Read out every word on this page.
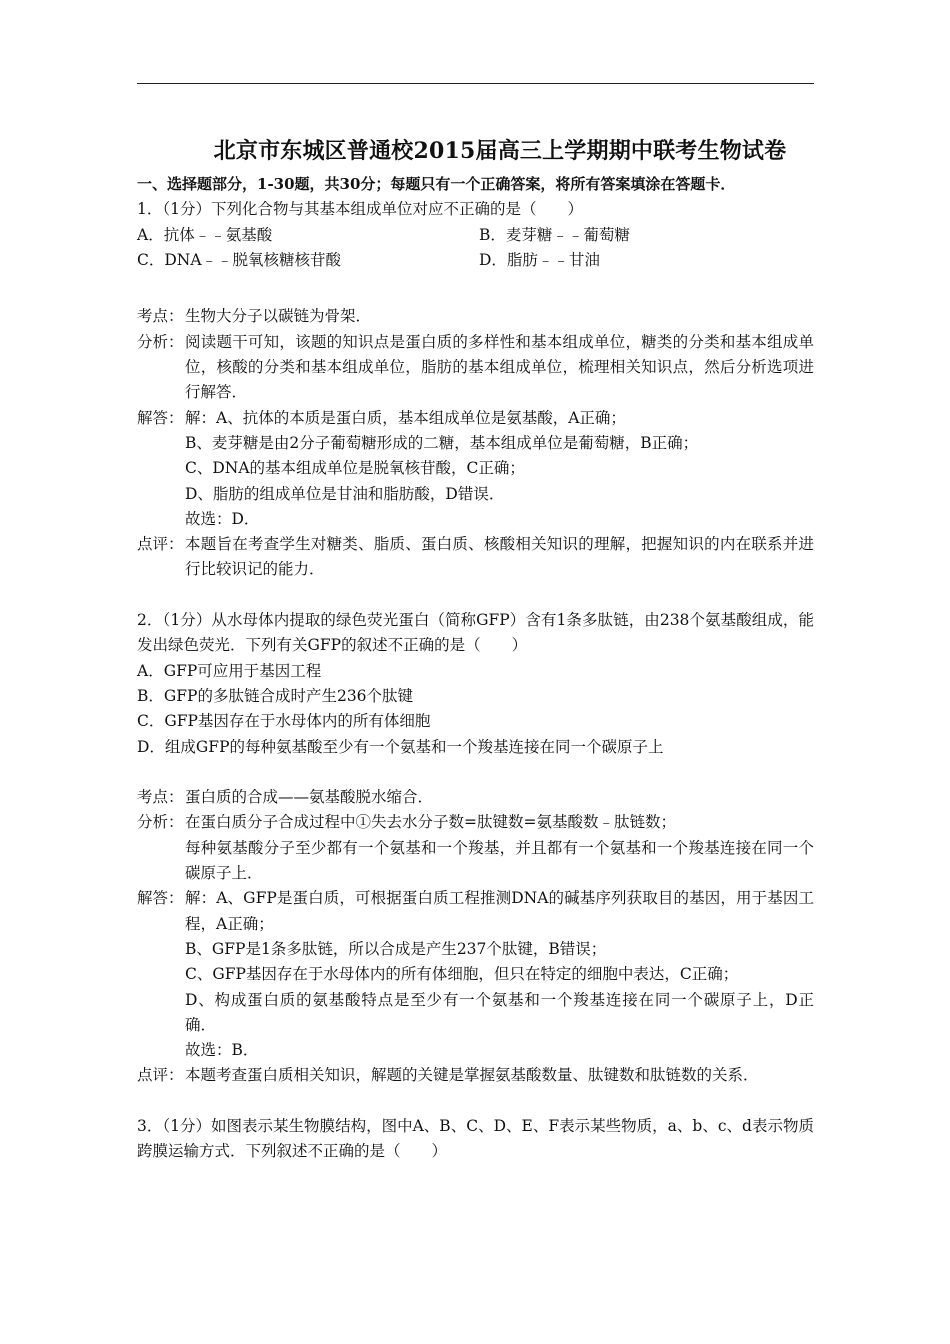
北京市东城区普通校2015届高三上学期期中联考生物试卷
一、选择题部分，1-30题，共30分；每题只有一个正确答案，将所有答案填涂在答题卡．
1．（1分）下列化合物与其基本组成单位对应不正确的是（　　）
A．抗体﹣﹣氨基酸	B．麦芽糖﹣﹣葡萄糖
C．DNA﹣﹣脱氧核糖核苷酸	D．脂肪﹣﹣甘油
考点： 生物大分子以碳链为骨架．
分析： 阅读题干可知，该题的知识点是蛋白质的多样性和基本组成单位，糖类的分类和基本组成单位，核酸的分类和基本组成单位，脂肪的基本组成单位，梳理相关知识点，然后分析选项进行解答．
解答： 解：A、抗体的本质是蛋白质，基本组成单位是氨基酸，A正确；
B、麦芽糖是由2分子葡萄糖形成的二糖，基本组成单位是葡萄糖，B正确；
C、DNA的基本组成单位是脱氧核苷酸，C正确；
D、脂肪的组成单位是甘油和脂肪酸，D错误．
故选：D．
点评： 本题旨在考查学生对糖类、脂质、蛋白质、核酸相关知识的理解，把握知识的内在联系并进行比较识记的能力．
2．（1分）从水母体内提取的绿色荧光蛋白（简称GFP）含有1条多肽链，由238个氨基酸组成，能发出绿色荧光．下列有关GFP的叙述不正确的是（　　）
A．GFP可应用于基因工程
B．GFP的多肽链合成时产生236个肽键
C．GFP基因存在于水母体内的所有体细胞
D．组成GFP的每种氨基酸至少有一个氨基和一个羧基连接在同一个碳原子上
考点： 蛋白质的合成——氨基酸脱水缩合．
分析： 在蛋白质分子合成过程中①失去水分子数=肽键数=氨基酸数﹣肽链数；
每种氨基酸分子至少都有一个氨基和一个羧基，并且都有一个氨基和一个羧基连接在同一个碳原子上．
解答： 解：A、GFP是蛋白质，可根据蛋白质工程推测DNA的碱基序列获取目的基因，用于基因工程，A正确；
B、GFP是1条多肽链，所以合成是产生237个肽键，B错误；
C、GFP基因存在于水母体内的所有体细胞，但只在特定的细胞中表达，C正确；
D、构成蛋白质的氨基酸特点是至少有一个氨基和一个羧基连接在同一个碳原子上，D正确．
故选：B．
点评： 本题考查蛋白质相关知识，解题的关键是掌握氨基酸数量、肽键数和肽链数的关系．
3．（1分）如图表示某生物膜结构，图中A、B、C、D、E、F表示某些物质，a、b、c、d表示物质跨膜运输方式．下列叙述不正确的是（　　）
